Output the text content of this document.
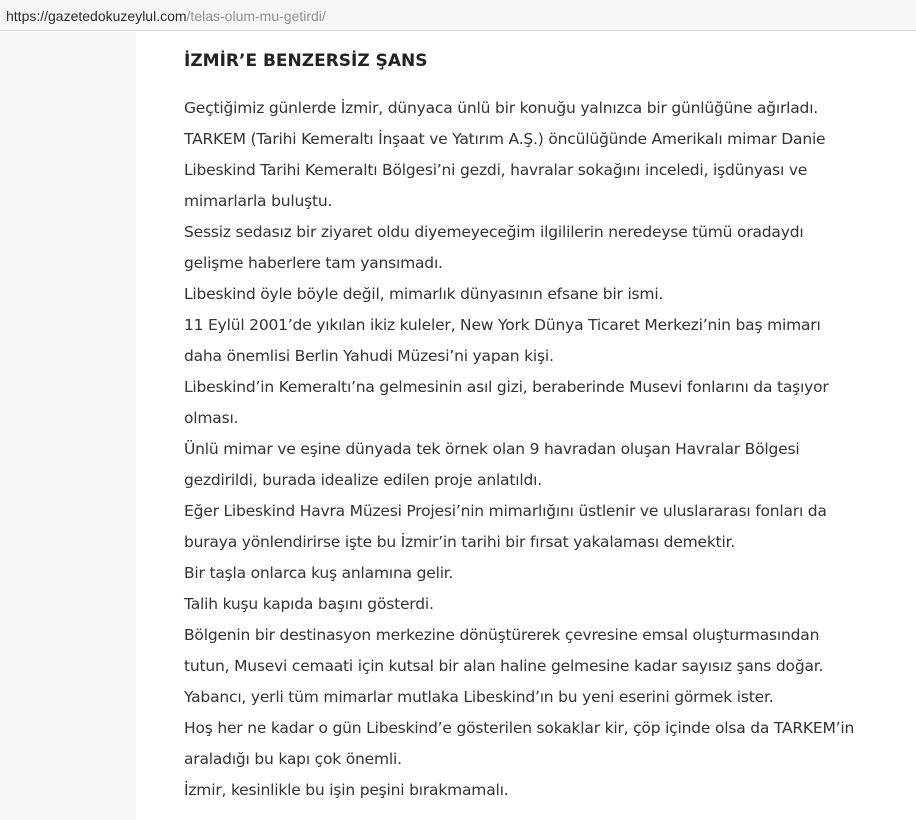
https://gazetedokuzeylul.com/telas-olum-mu-getirdi/
İZMİR’E BENZERSİZ ŞANS

Geçtiğimiz günlerde İzmir, dünyaca ünlü bir konuğu yalnızca bir günlüğüne ağırladı.
TARKEM (Tarihi Kemeraltı İnşaat ve Yatırım A.Ş.) öncülüğünde Amerikalı mimar Danie
Libeskind Tarihi Kemeraltı Bölgesi’ni gezdi, havralar sokağını inceledi, işdünyası ve
mimarlarla buluştu.

Sessiz sedasız bir ziyaret oldu diyemeyeceğim ilgililerin neredeyse tümü oradaydı
gelişme haberlere tam yansımadı.

Libeskind öyle böyle değil, mimarlık dünyasının efsane bir ismi.

11 Eylül 2001’de yıkılan ikiz kuleler, New York Dünya Ticaret Merkezi’nin baş mimarı
daha önemlisi Berlin Yahudi Müzesi’ni yapan kişi.

Libeskind’in Kemeraltı’na gelmesinin asıl gizi, beraberinde Musevi fonlarını da taşıyor
olması.

Ünlü mimar ve eşine dünyada tek örnek olan 9 havradan oluşan Havralar Bölgesi
gezdirildi, burada idealize edilen proje anlatıldı.

Eğer Libeskind Havra Müzesi Projesi’nin mimarlığını üstlenir ve uluslararası fonları da
buraya yönlendirirse işte bu İzmir’in tarihi bir fırsat yakalaması demektir.

Bir taşla onlarca kuş anlamına gelir.

Talih kuşu kapıda başını gösterdi.

Bölgenin bir destinasyon merkezine dönüştürerek çevresine emsal oluşturmasından
tutun, Musevi cemaati için kutsal bir alan haline gelmesine kadar sayısız şans doğar.

Yabancı, yerli tüm mimarlar mutlaka Libeskind’ın bu yeni eserini görmek ister.

Hoş her ne kadar o gün Libeskind’e gösterilen sokaklar kir, çöp içinde olsa da TARKEM’in
araladığı bu kapı çok önemli.

İzmir, kesinlikle bu işin peşini bırakmamalı.
